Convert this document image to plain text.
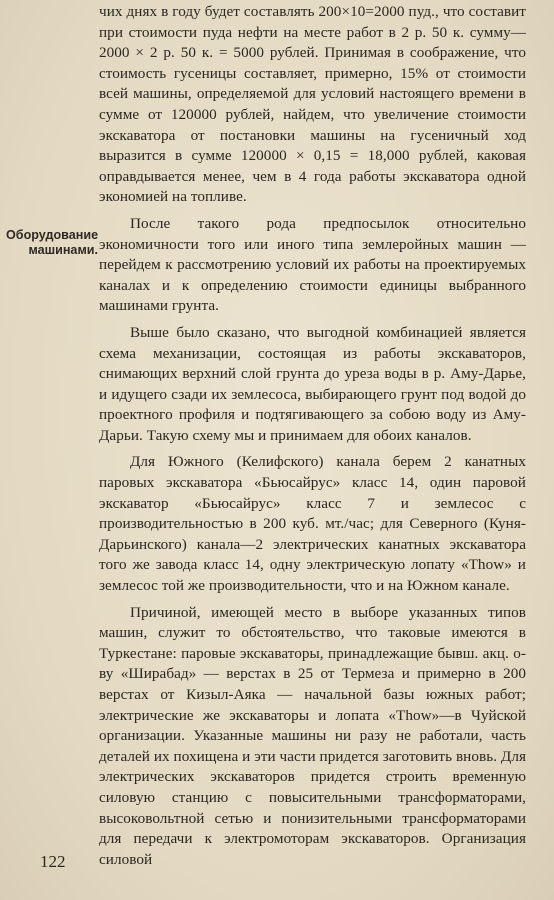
Оборудование
машинами.

чих днях в году будет составлять 200×10=2000 пуд., что составит при стоимости пуда нефти на месте работ в 2 р. 50 к. сумму—2000 × 2 р. 50 к. = 5000 рублей. Принимая в соображение, что стоимость гусеницы составляет, примерно, 15% от стоимости всей машины, определяемой для условий настоящего времени в сумме от 120000 рублей, найдем, что увеличение стоимости экскаватора от постановки машины на гусеничный ход выразится в сумме 120000 × 0,15 = 18,000 рублей, каковая оправдывается менее, чем в 4 года работы экскаватора одной экономией на топливе.

После такого рода предпосылок относительно экономичности того или иного типа землеройных машин — перейдем к рассмотрению условий их работы на проектируемых каналах и к определению стоимости единицы выбранного машинами грунта.

Выше было сказано, что выгодной комбинацией является схема механизации, состоящая из работы экскаваторов, снимающих верхний слой грунта до уреза воды в р. Аму-Дарье, и идущего сзади их землесоса, выбирающего грунт под водой до проектного профиля и подтягивающего за собою воду из Аму-Дарьи. Такую схему мы и принимаем для обоих каналов.

Для Южного (Келифского) канала берем 2 канатных паровых экскаватора «Бьюсайрус» класс 14, один паровой экскаватор «Бьюсайрус» класс 7 и землесос с производительностью в 200 куб. мт./час; для Северного (Куня-Дарьинского) канала—2 электрических канатных экскаватора того же завода класс 14, одну электрическую лопату «Thow» и землесос той же производительности, что и на Южном канале.

Причиной, имеющей место в выборе указанных типов машин, служит то обстоятельство, что таковые имеются в Туркестане: паровые экскаваторы, принадлежащие бывш. акц. о-ву «Ширабад» — верстах в 25 от Термеза и примерно в 200 верстах от Кизыл-Аяка — начальной базы южных работ; электрические же экскаваторы и лопата «Thow»—в Чуйской организации. Указанные машины ни разу не работали, часть деталей их похищена и эти части придется заготовить вновь. Для электрических экскаваторов придется строить временную силовую станцию с повысительными трансформаторами, высоковольтной сетью и понизительными трансформаторами для передачи к электромоторам экскаваторов. Организация силовой

122
